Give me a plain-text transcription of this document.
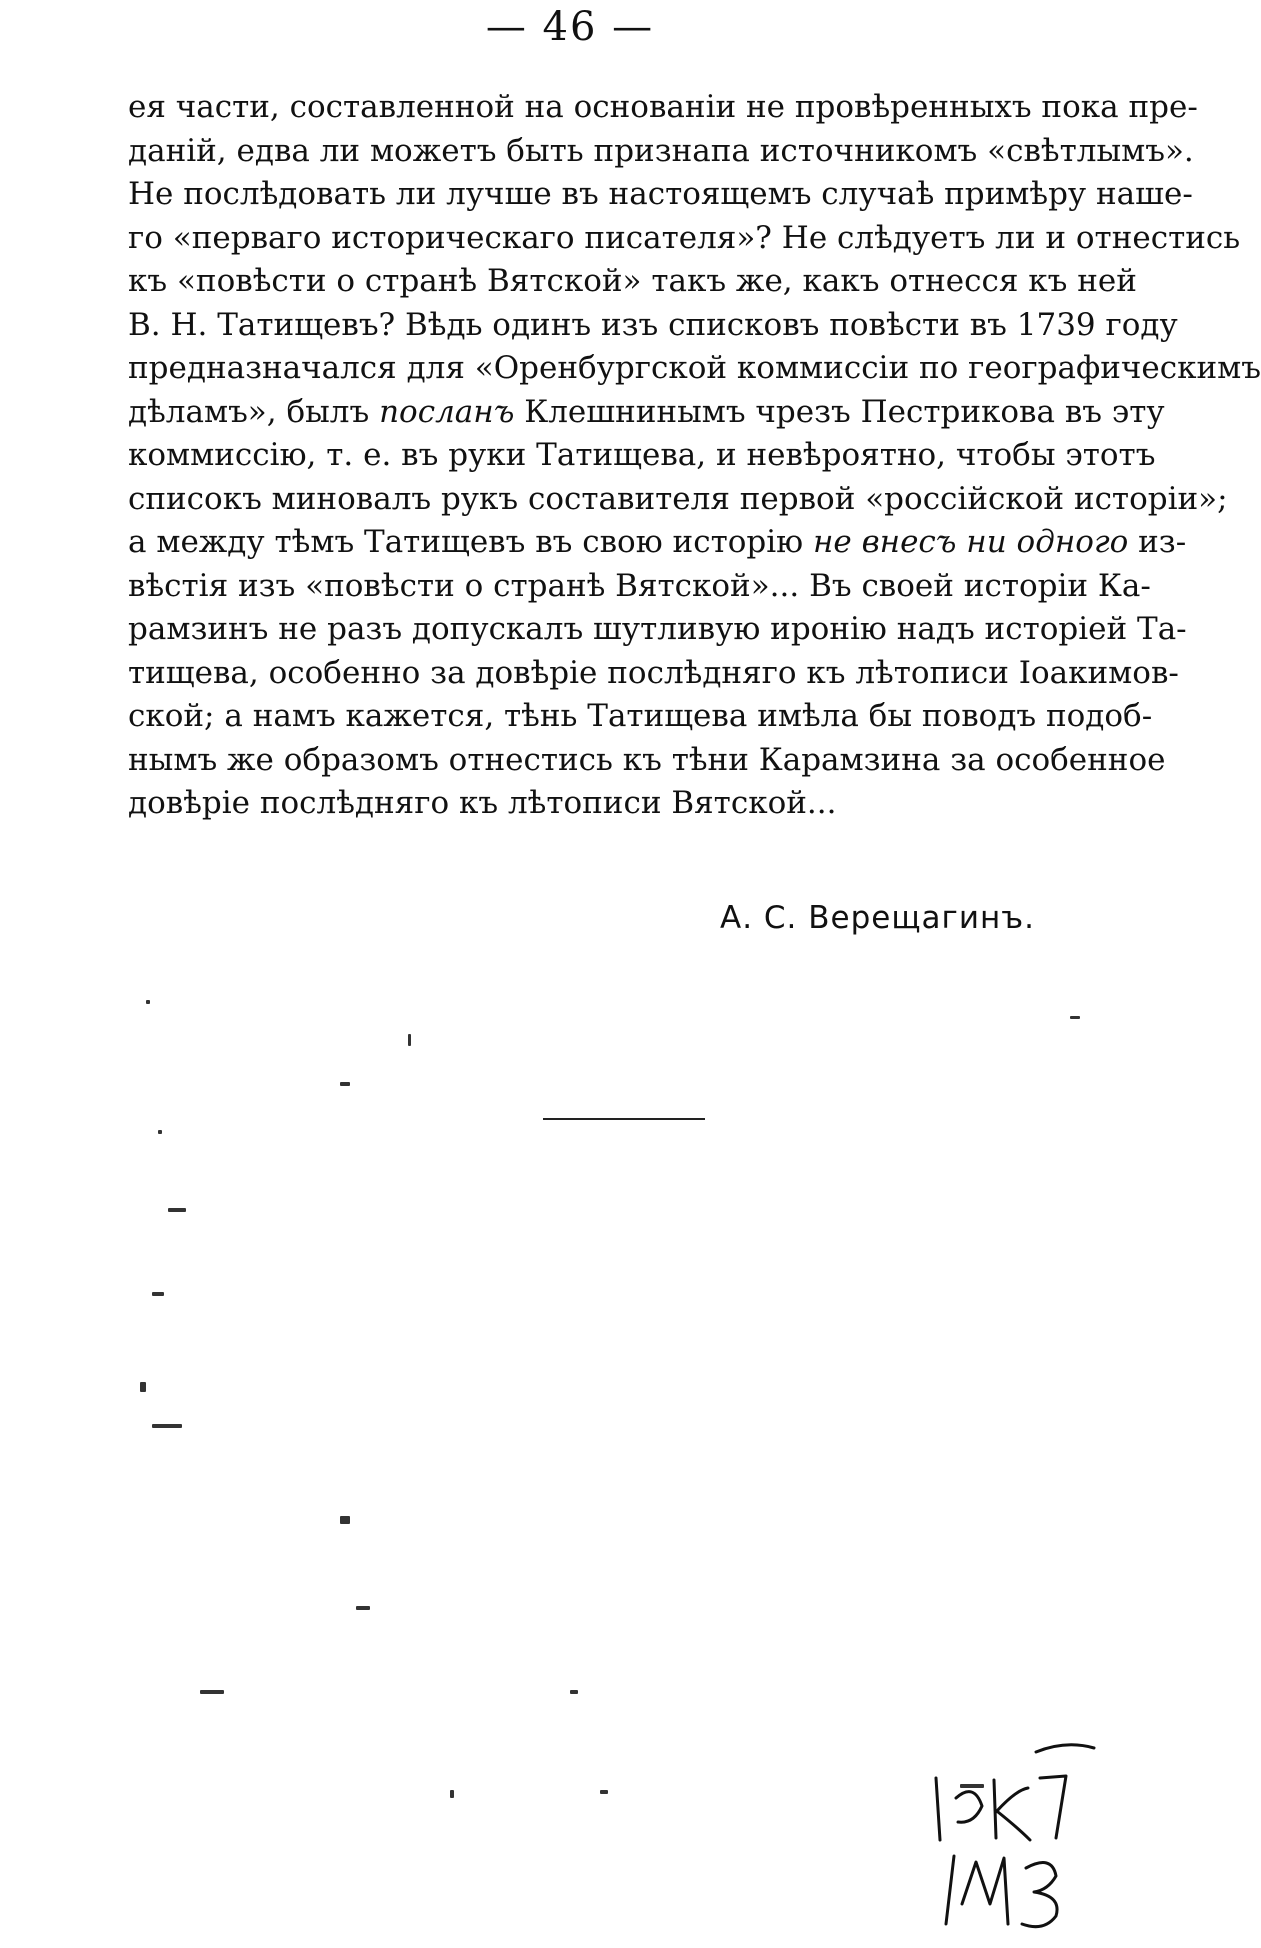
— 46 —
ея части, составленной на основанiи не провѣренныхъ пока пре-
данiй, едва ли можетъ быть признапа источникомъ «свѣтлымъ».
Не послѣдовать ли лучше въ настоящемъ случаѣ примѣру наше-
го «перваго историческаго писателя»? Не слѣдуетъ ли и отнестись
къ «повѣсти о странѣ Вятской» такъ же, какъ отнесся къ ней
В. Н. Татищевъ? Вѣдь одинъ изъ списковъ повѣсти въ 1739 году
предназначался для «Оренбургской коммиссiи по географическимъ
дѣламъ», былъ посланъ Клешнинымъ чрезъ Пестрикова въ эту
коммиссiю, т. е. въ руки Татищева, и невѣроятно, чтобы этотъ
списокъ миновалъ рукъ составителя первой «россiйской исторiи»;
а между тѣмъ Татищевъ въ свою исторiю не внесъ ни одного из-
вѣстiя изъ «повѣсти о странѣ Вятской»... Въ своей исторiи Ка-
рамзинъ не разъ допускалъ шутливую иронiю надъ исторiей Та-
тищева, особенно за довѣрiе послѣдняго къ лѣтописи Iоакимов-
ской; а намъ кажется, тѣнь Татищева имѣла бы поводъ подоб-
нымъ же образомъ отнестись къ тѣни Карамзина за особенное
довѣрiе послѣдняго къ лѣтописи Вятской...
А. С. Верещагинъ.
1641
113
